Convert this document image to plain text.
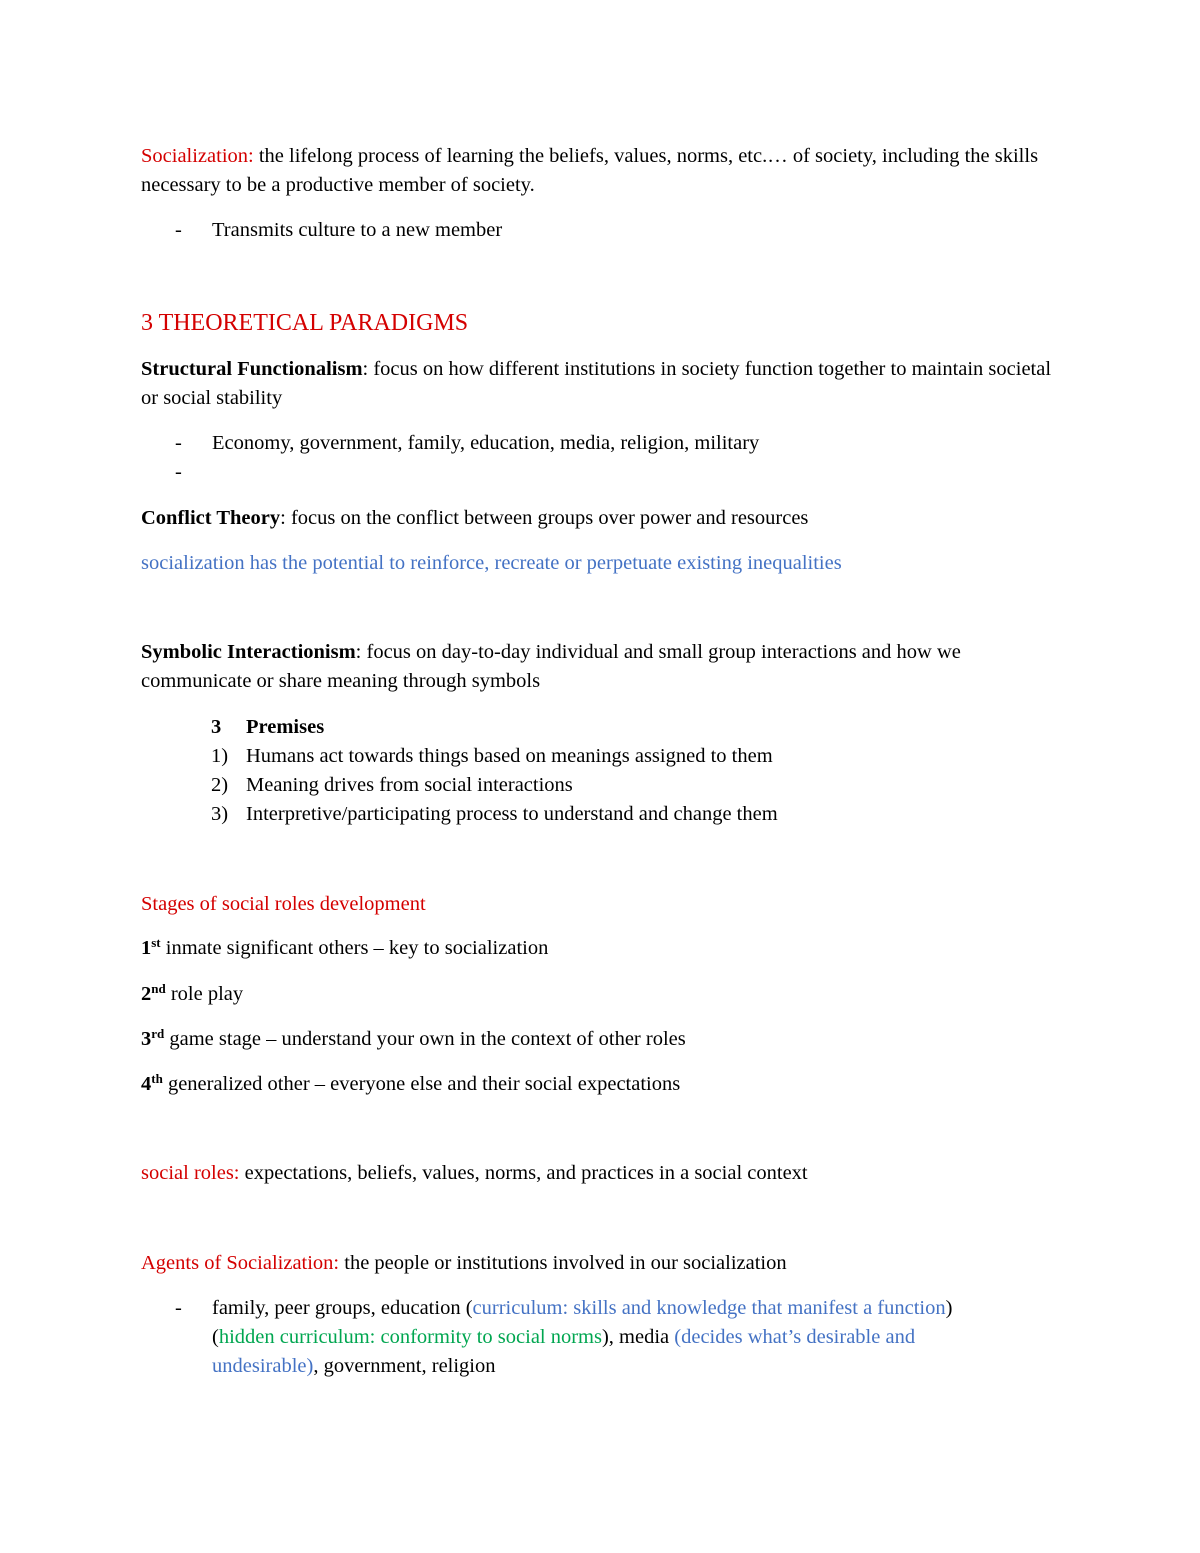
Socialization: the lifelong process of learning the beliefs, values, norms, etc.… of society, including the skills necessary to be a productive member of society.
- Transmits culture to a new member
3 THEORETICAL PARADIGMS
Structural Functionalism: focus on how different institutions in society function together to maintain societal or social stability
- Economy, government, family, education, media, religion, military
-
Conflict Theory: focus on the conflict between groups over power and resources
socialization has the potential to reinforce, recreate or perpetuate existing inequalities
Symbolic Interactionism: focus on day-to-day individual and small group interactions and how we communicate or share meaning through symbols
3 Premises
1) Humans act towards things based on meanings assigned to them
2) Meaning drives from social interactions
3) Interpretive/participating process to understand and change them
Stages of social roles development
1st inmate significant others – key to socialization
2nd role play
3rd game stage – understand your own in the context of other roles
4th generalized other – everyone else and their social expectations
social roles: expectations, beliefs, values, norms, and practices in a social context
Agents of Socialization: the people or institutions involved in our socialization
- family, peer groups, education (curriculum: skills and knowledge that manifest a function) (hidden curriculum: conformity to social norms), media (decides what’s desirable and undesirable), government, religion
